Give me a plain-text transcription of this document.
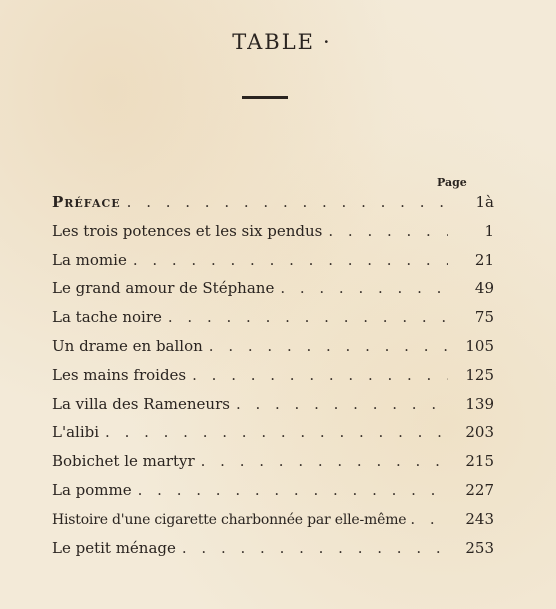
TABLE ·
Page
Préface . . .	1à
Les trois potences et les six pendus . . .	1
La momie . . .	21
Le grand amour de Stéphane . . .	49
La tache noire . . .	75
Un drame en ballon . . .	105
Les mains froides . . .	125
La villa des Rameneurs . . .	139
L'alibi . . .	203
Bobichet le martyr . . .	215
La pomme . . .	227
Histoire d'une cigarette charbonnée par elle-même . . .	243
Le petit ménage . . .	253
